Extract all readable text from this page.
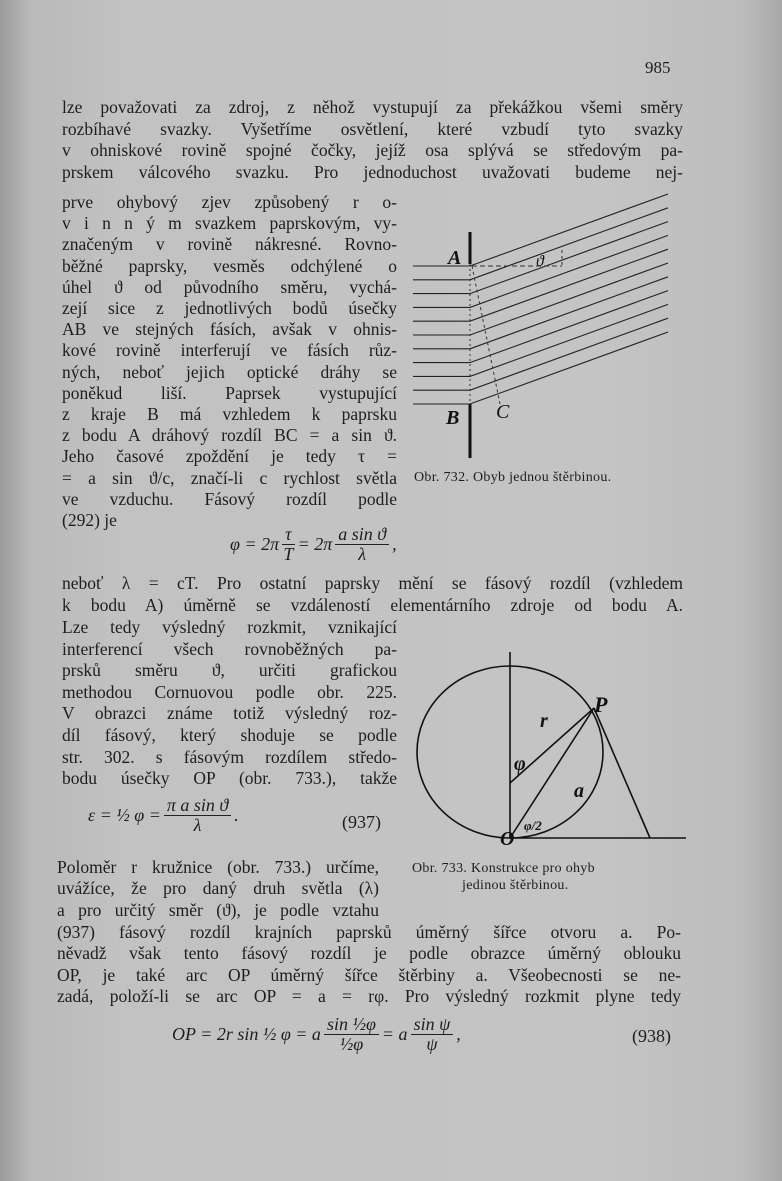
985
lze považovati za zdroj, z něhož vystupují za překážkou všemi směry
rozbíhavé svazky. Vyšetříme osvětlení, které vzbudí tyto svazky
v ohniskové rovině spojné čočky, jejíž osa splývá se středovým pa-
prskem válcového svazku. Pro jednoduchost uvažovati budeme nej-
prve ohybový zjev způsobený r o-
v i n n ý m svazkem paprskovým, vy-
značeným v rovině nákresné. Rovno-
běžné paprsky, vesměs odchýlené o
úhel ϑ od původního směru, vychá-
zejí sice z jednotlivých bodů úsečky
AB ve stejných fásích, avšak v ohnis-
kové rovině interferují ve fásích růz-
ných, neboť jejich optické dráhy se
poněkud liší. Paprsek vystupující
z kraje B má vzhledem k paprsku
z bodu A dráhový rozdíl BC = a sin ϑ.
Jeho časové zpoždění je tedy τ =
= a sin ϑ/c, značí-li c rychlost světla
ve vzduchu. Fásový rozdíl podle
(292) je
neboť λ = cT. Pro ostatní paprsky mění se fásový rozdíl (vzhledem
k bodu A) úměrně se vzdáleností elementárního zdroje od bodu A.
Lze tedy výsledný rozkmit, vznikající
interferencí všech rovnoběžných pa-
prsků směru ϑ, určiti grafickou
methodou Cornuovou podle obr. 225.
V obrazci známe totiž výsledný roz-
díl fásový, který shoduje se podle
str. 302. s fásovým rozdílem středo-
bodu úsečky OP (obr. 733.), takže
Poloměr r kružnice (obr. 733.) určíme,
uvážíce, že pro daný druh světla (λ)
a pro určitý směr (ϑ), je podle vztahu
(937) fásový rozdíl krajních paprsků úměrný šířce otvoru a. Po-
něvadž však tento fásový rozdíl je podle obrazce úměrný oblouku
OP, je také arc OP úměrný šířce štěrbiny a. Všeobecnosti se ne-
zadá, položí-li se arc OP = a = rφ. Pro výsledný rozkmit plyne tedy
$\varphi = 2\pi \frac{\tau}{T} = 2\pi \frac{\text{a sin ϑ}}{\lambda}$ ,
ε = ½ $\varphi = \frac{\text{π a sin ϑ}}{\lambda}$ .	(937)
OP = 2r sin ½ φ = a $\frac{\text{sin ½φ}}{\text{½φ}} = a \frac{\text{sin ψ}}{\psi}$ ,	(938)
A
B C
ϑ
P
r
φ
a
φ/2
O
Obr. 732. Obyb jednou štěrbinou.
Obr. 733. Konstrukce pro ohyb
jedinou štěrbinou.
